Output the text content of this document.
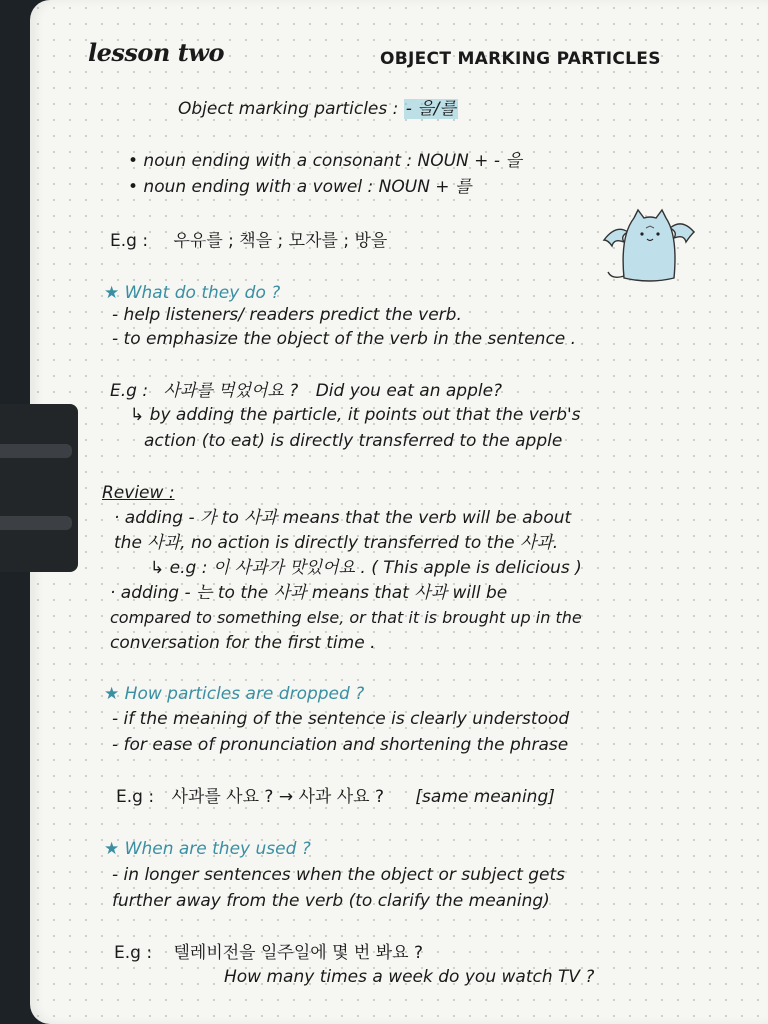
lesson two	OBJECT MARKING PARTICLES
Object marking particles : - 을/를
• noun ending with a consonant : NOUN + - 을
• noun ending with a vowel : NOUN + 를
E.g : 우유를 ; 책을 ; 모자를 ; 방을
★ What do they do ?
- help listeners/ readers predict the verb.
- to emphasize the object of the verb in the sentence .
E.g : 사과를 먹었어요 ? Did you eat an apple?
↳ by adding the particle, it points out that the verb's
action (to eat) is directly transferred to the apple
Review :
· adding - 가 to 사과 means that the verb will be about
the 사과, no action is directly transferred to the 사과.
↳ e.g : 이 사과가 맛있어요 . ( This apple is delicious )
· adding - 는 to the 사과 means that 사과 will be
compared to something else, or that it is brought up in the
conversation for the first time .
★ How particles are dropped ?
- if the meaning of the sentence is clearly understood
- for ease of pronunciation and shortening the phrase
E.g : 사과를 사요 ? → 사과 사요 ? [same meaning]
★ When are they used ?
- in longer sentences when the object or subject gets
further away from the verb (to clarify the meaning)
E.g : 텔레비전을 일주일에 몇 번 봐요 ?
How many times a week do you watch TV ?
